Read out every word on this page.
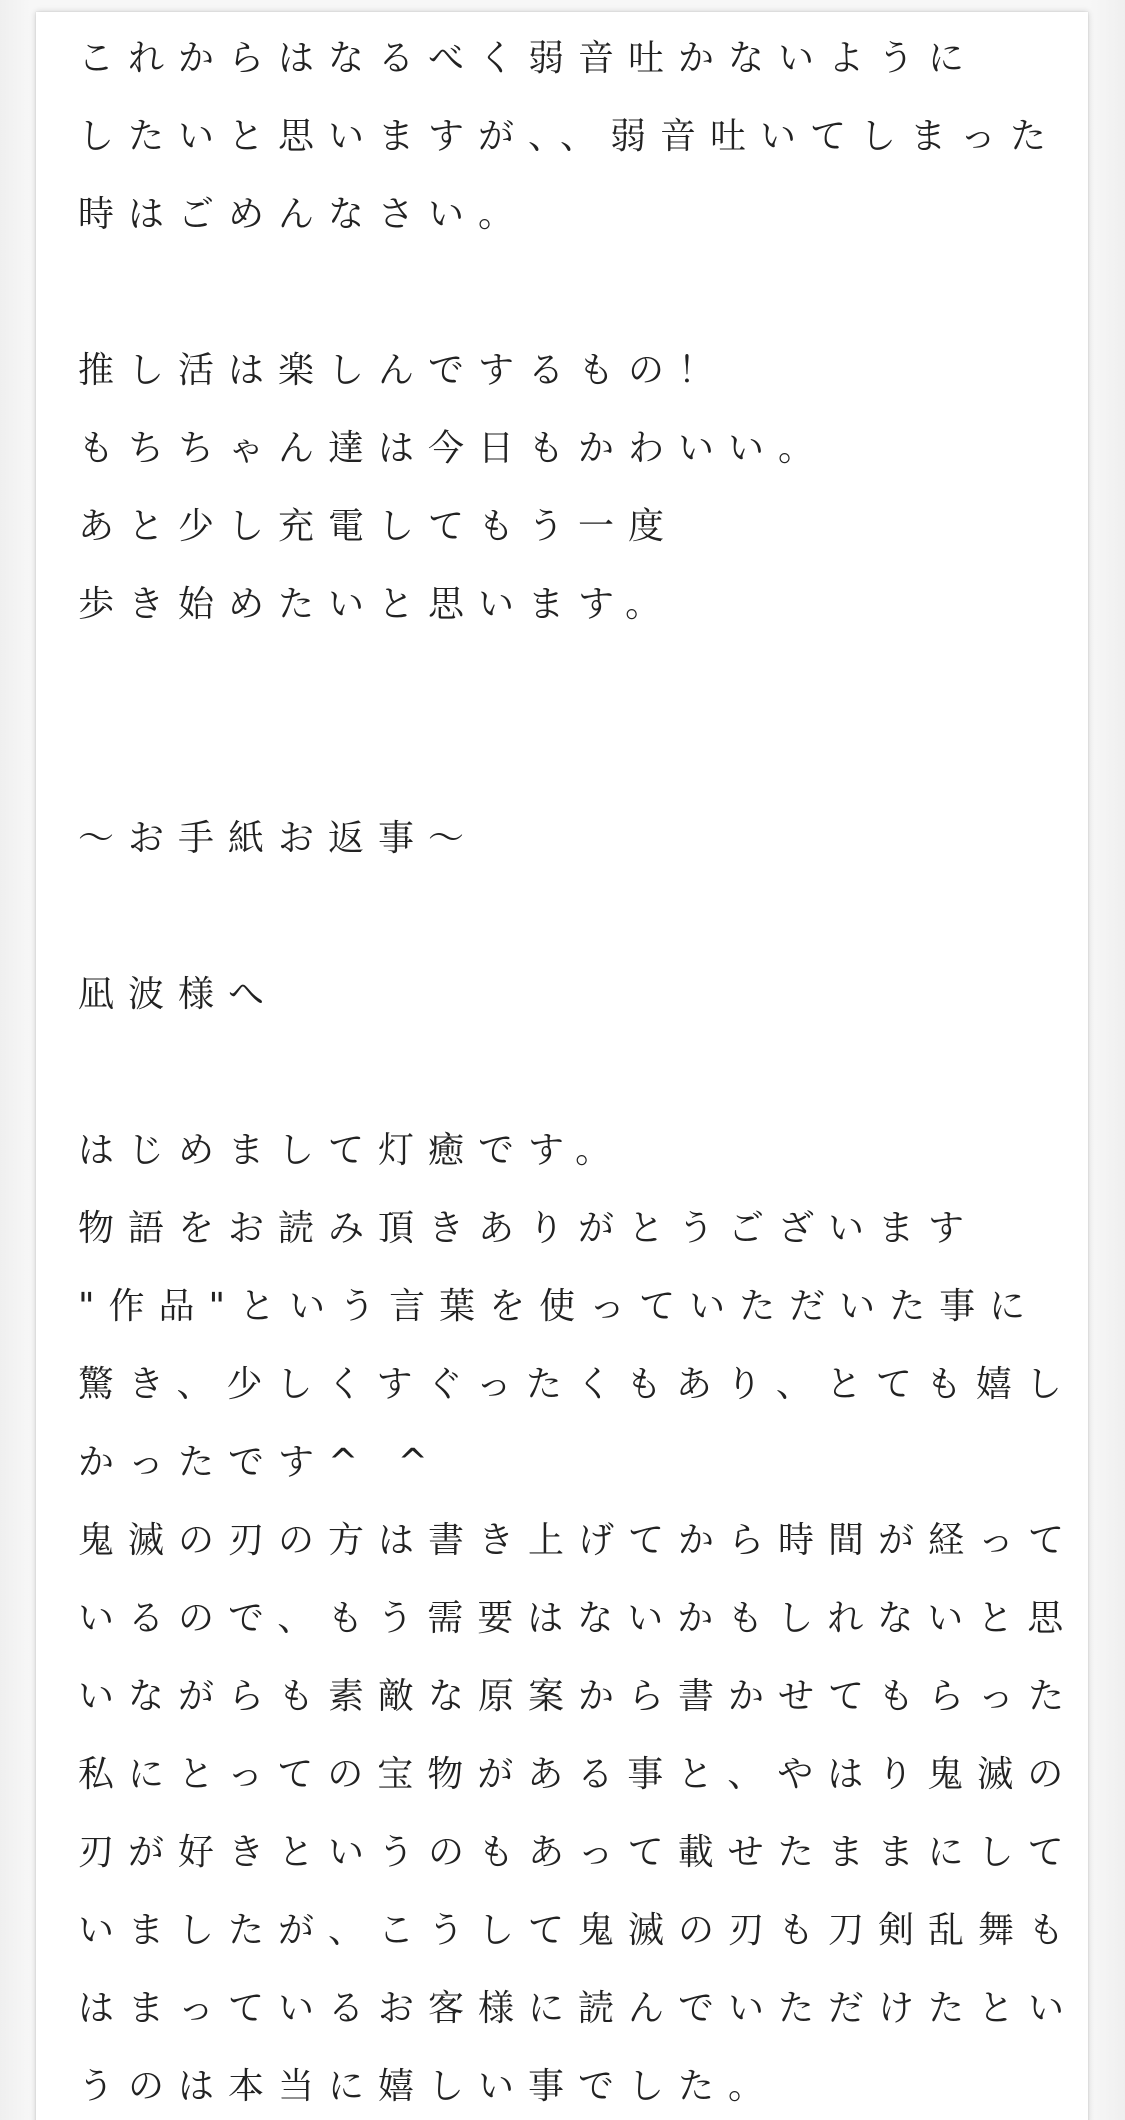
これからはなるべく弱音吐かないように
したいと思いますが、、弱音吐いてしまった
時はごめんなさい。
推し活は楽しんでするもの！
もちちゃん達は今日もかわいい。
あと少し充電してもう一度
歩き始めたいと思います。
～お手紙お返事～
凪波様へ
はじめまして灯癒です。
物語をお読み頂きありがとうございます
"作品"という言葉を使っていただいた事に
驚き、少しくすぐったくもあり、とても嬉し
かったです^ ^
鬼滅の刃の方は書き上げてから時間が経って
いるので、もう需要はないかもしれないと思
いながらも素敵な原案から書かせてもらった
私にとっての宝物がある事と、やはり鬼滅の
刃が好きというのもあって載せたままにして
いましたが、こうして鬼滅の刃も刀剣乱舞も
はまっているお客様に読んでいただけたとい
うのは本当に嬉しい事でした。
